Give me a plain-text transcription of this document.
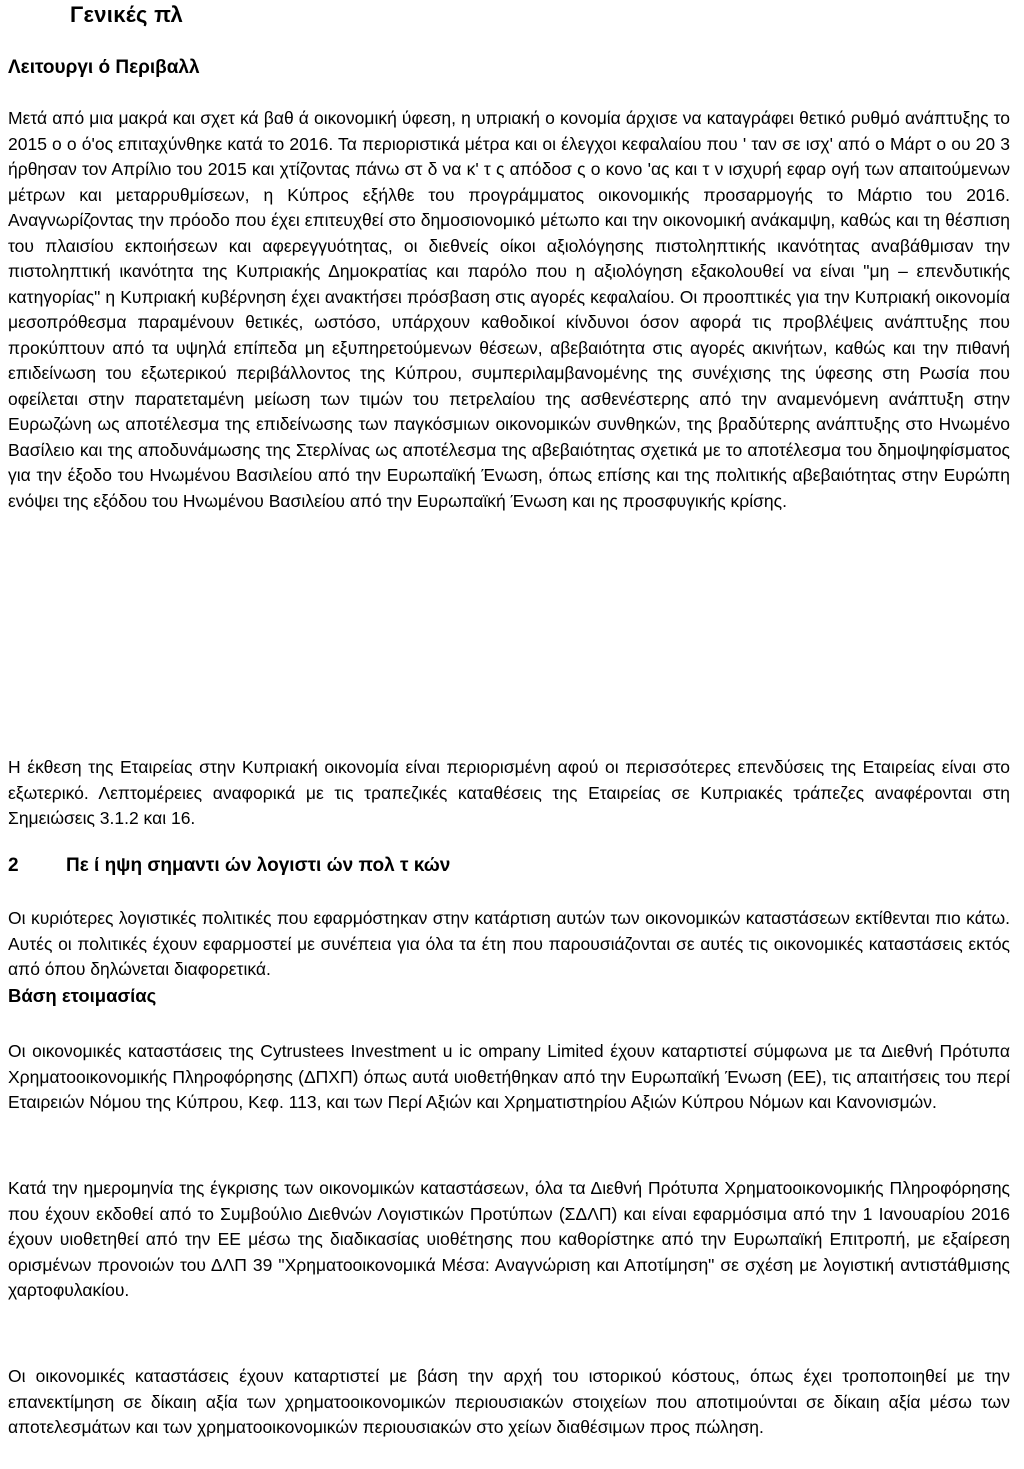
Γενικές πλ
Λειτουργι ό Περιβαλλ

Μετά από μια μακρά και σχετ κά βαθ ά οικονομική ύφεση, η υπριακή ο κονομία άρχισε να καταγράφει θετικό ρυθμό ανάπτυξης το 2015 ο ο ό'ος επιταχύνθηκε κατά το 2016. Τα περιοριστικά μέτρα και οι έλεγχοι κεφαλαίου που ' ταν σε ισχ' από ο Μάρτ ο ου 20 3 ήρθησαν τον Απρίλιο του 2015 και χτίζοντας πάνω στ δ να κ' τ ς απόδοσ ς ο κονο 'ας και τ ν ισχυρή εφαρ ογή των απαιτούμενων μέτρων και μεταρρυθμίσεων, η Κύπρος εξήλθε του προγράμματος οικονομικής προσαρμογής το Μάρτιο του 2016. Αναγνωρίζοντας την πρόοδο που έχει επιτευχθεί στο δημοσιονομικό μέτωπο και την οικονομική ανάκαμψη, καθώς και τη θέσπιση του πλαισίου εκποιήσεων και αφερεγγυότητας, οι διεθνείς οίκοι αξιολόγησης πιστοληπτικής ικανότητας αναβάθμισαν την πιστοληπτική ικανότητα της Κυπριακής Δημοκρατίας και παρόλο που η αξιολόγηση εξακολουθεί να είναι "μη – επενδυτικής κατηγορίας" η Κυπριακή κυβέρνηση έχει ανακτήσει πρόσβαση στις αγορές κεφαλαίου. Οι προοπτικές για την Κυπριακή οικονομία μεσοπρόθεσμα παραμένουν θετικές, ωστόσο, υπάρχουν καθοδικοί κίνδυνοι όσον αφορά τις προβλέψεις ανάπτυξης που προκύπτουν από τα υψηλά επίπεδα μη εξυπηρετούμενων θέσεων, αβεβαιότητα στις αγορές ακινήτων, καθώς και την πιθανή επιδείνωση του εξωτερικού περιβάλλοντος της Κύπρου, συμπεριλαμβανομένης της συνέχισης της ύφεσης στη Ρωσία που οφείλεται στην παρατεταμένη μείωση των τιμών του πετρελαίου της ασθενέστερης από την αναμενόμενη ανάπτυξη στην Ευρωζώνη ως αποτέλεσμα της επιδείνωσης των παγκόσμιων οικονομικών συνθηκών, της βραδύτερης ανάπτυξης στο Ηνωμένο Βασίλειο και της αποδυνάμωσης της Στερλίνας ως αποτέλεσμα της αβεβαιότητας σχετικά με το αποτέλεσμα του δημοψηφίσματος για την έξοδο του Ηνωμένου Βασιλείου από την Ευρωπαϊκή Ένωση, όπως επίσης και της πολιτικής αβεβαιότητας στην Ευρώπη ενόψει της εξόδου του Ηνωμένου Βασιλείου από την Ευρωπαϊκή Ένωση και ης προσφυγικής κρίσης.

Η έκθεση της Εταιρείας στην Κυπριακή οικονομία είναι περιορισμένη αφού οι περισσότερες επενδύσεις της Εταιρείας είναι στο εξωτερικό. Λεπτομέρειες αναφορικά με τις τραπεζικές καταθέσεις της Εταιρείας σε Κυπριακές τράπεζες αναφέρονται στη Σημειώσεις 3.1.2 και 16.

2 Πε ί ηψη σημαντι ών λογιστι ών πολ τ κών

Οι κυριότερες λογιστικές πολιτικές που εφαρμόστηκαν στην κατάρτιση αυτών των οικονομικών καταστάσεων εκτίθενται πιο κάτω. Αυτές οι πολιτικές έχουν εφαρμοστεί με συνέπεια για όλα τα έτη που παρουσιάζονται σε αυτές τις οικονομικές καταστάσεις εκτός από όπου δηλώνεται διαφορετικά.

Βάση ετοιμασίας

Οι οικονομικές καταστάσεις της Cytrustees Investment u ic ompany Limited έχουν καταρτιστεί σύμφωνα με τα Διεθνή Πρότυπα Χρηματοοικονομικής Πληροφόρησης (ΔΠΧΠ) όπως αυτά υιοθετήθηκαν από την Ευρωπαϊκή Ένωση (ΕΕ), τις απαιτήσεις του περί Εταιρειών Νόμου της Κύπρου, Κεφ. 113, και των Περί Αξιών και Χρηματιστηρίου Αξιών Κύπρου Νόμων και Κανονισμών.

Κατά την ημερομηνία της έγκρισης των οικονομικών καταστάσεων, όλα τα Διεθνή Πρότυπα Χρηματοοικονομικής Πληροφόρησης που έχουν εκδοθεί από το Συμβούλιο Διεθνών Λογιστικών Προτύπων (ΣΔΛΠ) και είναι εφαρμόσιμα από την 1 Ιανουαρίου 2016 έχουν υιοθετηθεί από την ΕΕ μέσω της διαδικασίας υιοθέτησης που καθορίστηκε από την Ευρωπαϊκή Επιτροπή, με εξαίρεση ορισμένων προνοιών του ΔΛΠ 39 "Χρηματοοικονομικά Μέσα: Αναγνώριση και Αποτίμηση" σε σχέση με λογιστική αντιστάθμισης χαρτοφυλακίου.

Οι οικονομικές καταστάσεις έχουν καταρτιστεί με βάση την αρχή του ιστορικού κόστους, όπως έχει τροποποιηθεί με την επανεκτίμηση σε δίκαιη αξία των χρηματοοικονομικών περιουσιακών στοιχείων που αποτιμούνται σε δίκαιη αξία μέσω των αποτελεσμάτων και των χρηματοοικονομικών περιουσιακών στο χείων διαθέσιμων προς πώληση.
